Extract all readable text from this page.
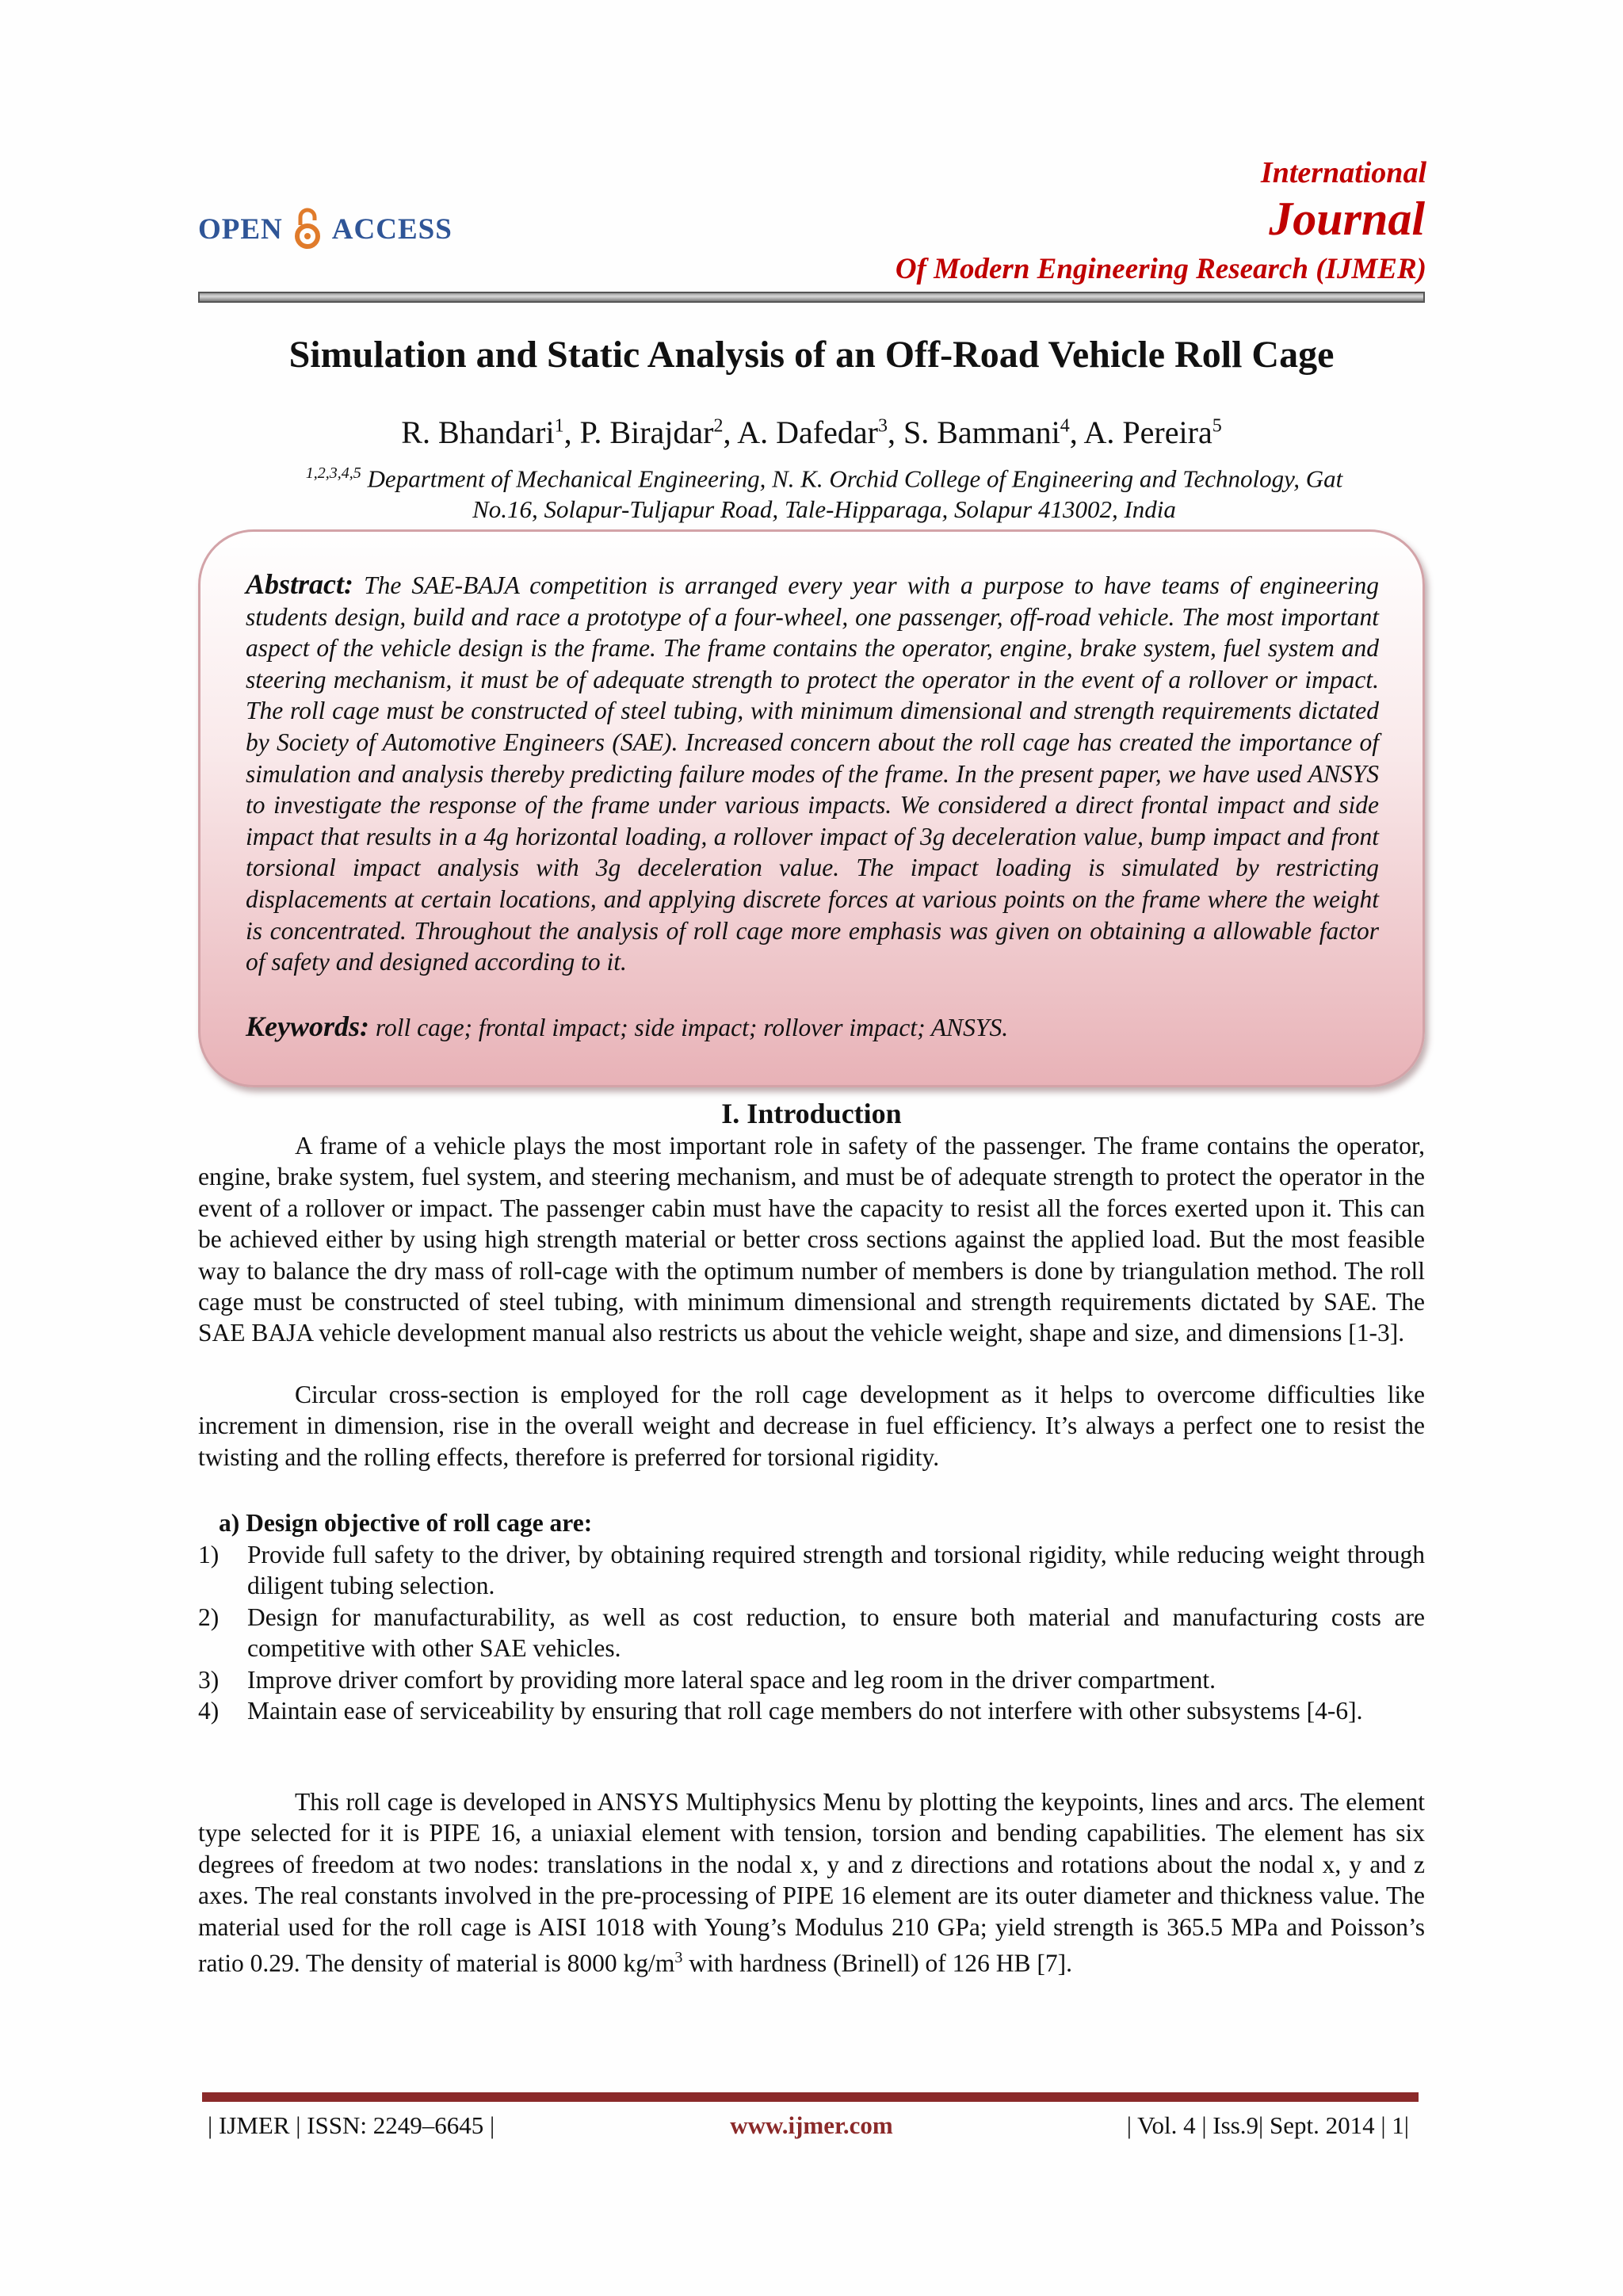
OPEN ACCESS
International
Journal
Of Modern Engineering Research (IJMER)
Simulation and Static Analysis of an Off-Road Vehicle Roll Cage
R. Bhandari$^1$, P. Birajdar$^2$, A. Dafedar$^3$, S. Bammani$^4$, A. Pereira$^5$
$^{1,2,3,4,5}$ Department of Mechanical Engineering, N. K. Orchid College of Engineering and Technology, Gat
No.16, Solapur-Tuljapur Road, Tale-Hipparaga, Solapur 413002, India
Abstract: The SAE-BAJA competition is arranged every year with a purpose to have teams of engineering students design, build and race a prototype of a four-wheel, one passenger, off-road vehicle. The most important aspect of the vehicle design is the frame. The frame contains the operator, engine, brake system, fuel system and steering mechanism, it must be of adequate strength to protect the operator in the event of a rollover or impact. The roll cage must be constructed of steel tubing, with minimum dimensional and strength requirements dictated by Society of Automotive Engineers (SAE). Increased concern about the roll cage has created the importance of simulation and analysis thereby predicting failure modes of the frame. In the present paper, we have used ANSYS to investigate the response of the frame under various impacts. We considered a direct frontal impact and side impact that results in a 4g horizontal loading, a rollover impact of 3g deceleration value, bump impact and front torsional impact analysis with 3g deceleration value. The impact loading is simulated by restricting displacements at certain locations, and applying discrete forces at various points on the frame where the weight is concentrated. Throughout the analysis of roll cage more emphasis was given on obtaining a allowable factor of safety and designed according to it.
Keywords: roll cage; frontal impact; side impact; rollover impact; ANSYS.
I. Introduction
A frame of a vehicle plays the most important role in safety of the passenger. The frame contains the operator, engine, brake system, fuel system, and steering mechanism, and must be of adequate strength to protect the operator in the event of a rollover or impact. The passenger cabin must have the capacity to resist all the forces exerted upon it. This can be achieved either by using high strength material or better cross sections against the applied load. But the most feasible way to balance the dry mass of roll-cage with the optimum number of members is done by triangulation method. The roll cage must be constructed of steel tubing, with minimum dimensional and strength requirements dictated by SAE. The SAE BAJA vehicle development manual also restricts us about the vehicle weight, shape and size, and dimensions [1-3].
Circular cross-section is employed for the roll cage development as it helps to overcome difficulties like increment in dimension, rise in the overall weight and decrease in fuel efficiency. It’s always a perfect one to resist the twisting and the rolling effects, therefore is preferred for torsional rigidity.
a) Design objective of roll cage are:
1)	Provide full safety to the driver, by obtaining required strength and torsional rigidity, while reducing weight through diligent tubing selection.
2)	Design for manufacturability, as well as cost reduction, to ensure both material and manufacturing costs are competitive with other SAE vehicles.
3)	Improve driver comfort by providing more lateral space and leg room in the driver compartment.
4)	Maintain ease of serviceability by ensuring that roll cage members do not interfere with other subsystems [4-6].
This roll cage is developed in ANSYS Multiphysics Menu by plotting the keypoints, lines and arcs. The element type selected for it is PIPE 16, a uniaxial element with tension, torsion and bending capabilities. The element has six degrees of freedom at two nodes: translations in the nodal x, y and z directions and rotations about the nodal x, y and z axes. The real constants involved in the pre-processing of PIPE 16 element are its outer diameter and thickness value. The material used for the roll cage is AISI 1018 with Young’s Modulus 210 GPa; yield strength is 365.5 MPa and Poisson’s ratio 0.29. The density of material is 8000 $kg/m^3$ with hardness (Brinell) of 126 HB [7].
| IJMER | ISSN: 2249–6645 |	www.ijmer.com	| Vol. 4 | Iss.9| Sept. 2014 | 1|
